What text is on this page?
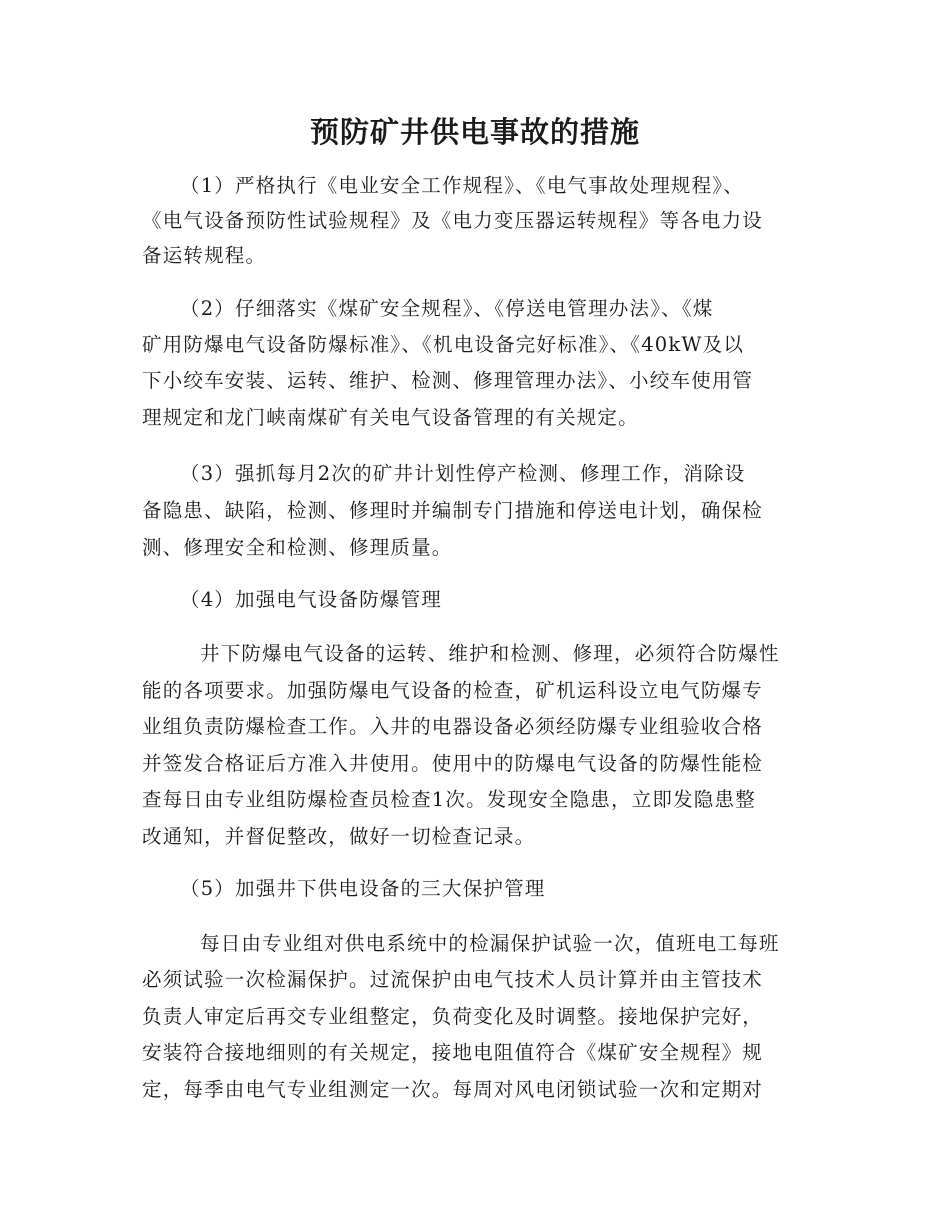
预防矿井供电事故的措施
（1）严格执行《电业安全工作规程》、《电气事故处理规程》、
《电气设备预防性试验规程》及《电力变压器运转规程》等各电力设
备运转规程。
（2）仔细落实《煤矿安全规程》、《停送电管理办法》、《煤
矿用防爆电气设备防爆标准》、《机电设备完好标准》、《40kW及以
下小绞车安装、运转、维护、检测、修理管理办法》、小绞车使用管
理规定和龙门峡南煤矿有关电气设备管理的有关规定。
（3）强抓每月2次的矿井计划性停产检测、修理工作，消除设
备隐患、缺陷，检测、修理时并编制专门措施和停送电计划，确保检
测、修理安全和检测、修理质量。
（4）加强电气设备防爆管理
井下防爆电气设备的运转、维护和检测、修理，必须符合防爆性
能的各项要求。加强防爆电气设备的检查，矿机运科设立电气防爆专
业组负责防爆检查工作。入井的电器设备必须经防爆专业组验收合格
并签发合格证后方准入井使用。使用中的防爆电气设备的防爆性能检
查每日由专业组防爆检查员检查1次。发现安全隐患，立即发隐患整
改通知，并督促整改，做好一切检查记录。
（5）加强井下供电设备的三大保护管理
每日由专业组对供电系统中的检漏保护试验一次，值班电工每班
必须试验一次检漏保护。过流保护由电气技术人员计算并由主管技术
负责人审定后再交专业组整定，负荷变化及时调整。接地保护完好，
安装符合接地细则的有关规定，接地电阻值符合《煤矿安全规程》规
定，每季由电气专业组测定一次。每周对风电闭锁试验一次和定期对
